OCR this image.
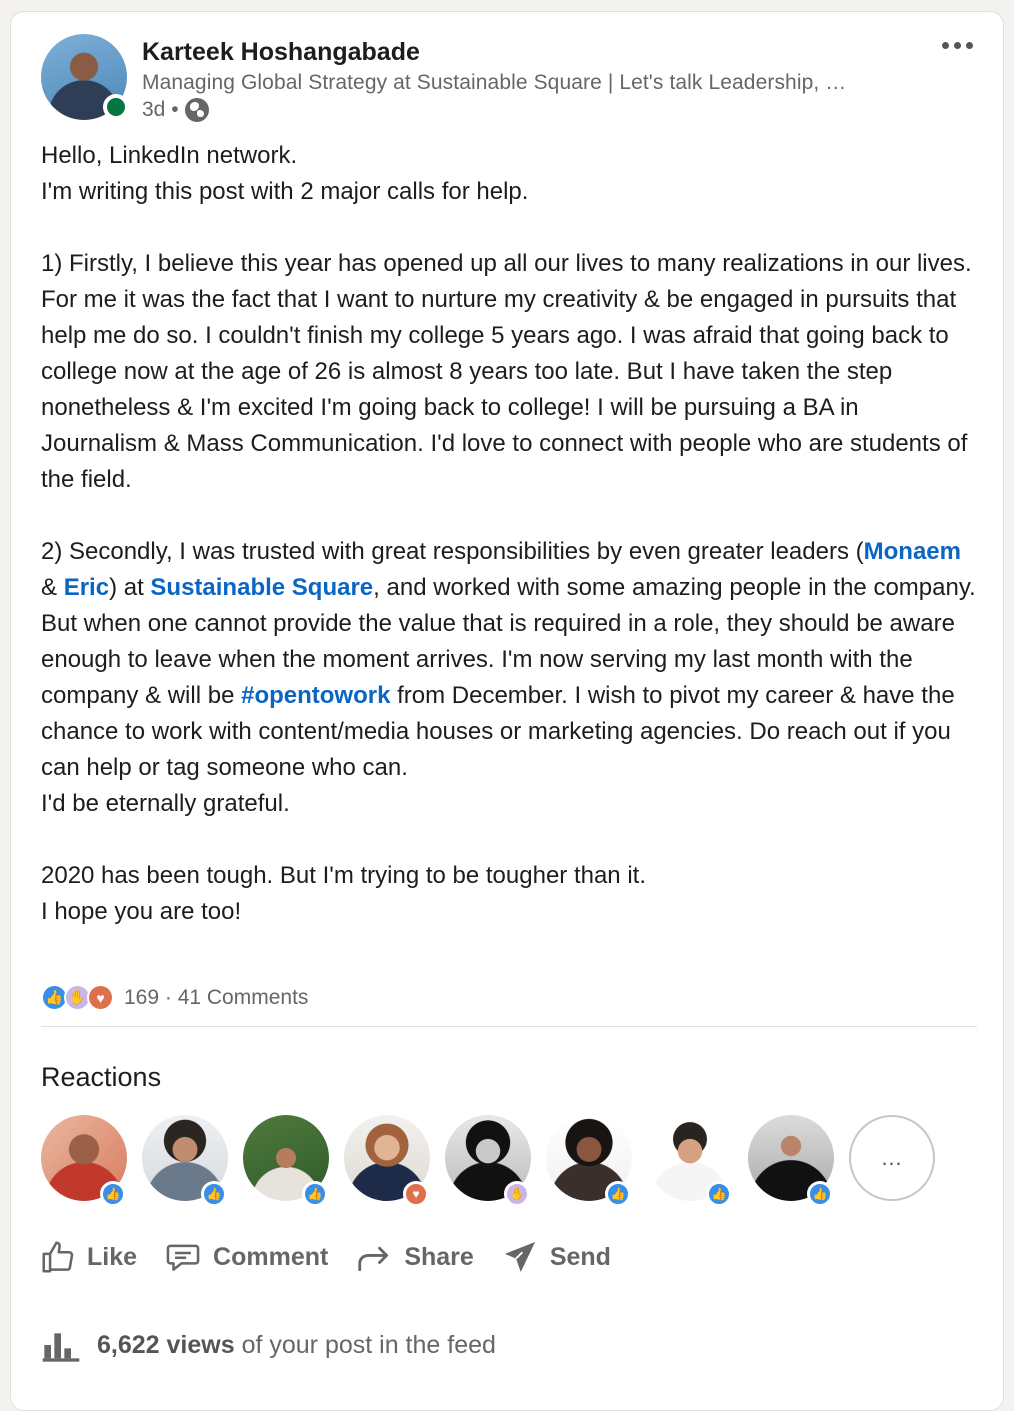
Karteek Hoshangabade
Managing Global Strategy at Sustainable Square | Let's talk Leadership, …
3d •
Hello, LinkedIn network.
I'm writing this post with 2 major calls for help.

1) Firstly, I believe this year has opened up all our lives to many realizations in our lives. For me it was the fact that I want to nurture my creativity & be engaged in pursuits that help me do so. I couldn't finish my college 5 years ago. I was afraid that going back to college now at the age of 26 is almost 8 years too late. But I have taken the step nonetheless & I'm excited I'm going back to college! I will be pursuing a BA in Journalism & Mass Communication. I'd love to connect with people who are students of the field.

2) Secondly, I was trusted with great responsibilities by even greater leaders (Monaem & Eric) at Sustainable Square, and worked with some amazing people in the company. But when one cannot provide the value that is required in a role, they should be aware enough to leave when the moment arrives. I'm now serving my last month with the company & will be #opentowork from December. I wish to pivot my career & have the chance to work with content/media houses or marketing agencies. Do reach out if you can help or tag someone who can.
I'd be eternally grateful.

2020 has been tough. But I'm trying to be tougher than it.
I hope you are too!
👍 ✋ ♥ 169 · 41 Comments
Reactions
👍	👍	👍	♥	✋	👍	👍	👍
…
Like	Comment	Share	Send
6,622 views of your post in the feed
